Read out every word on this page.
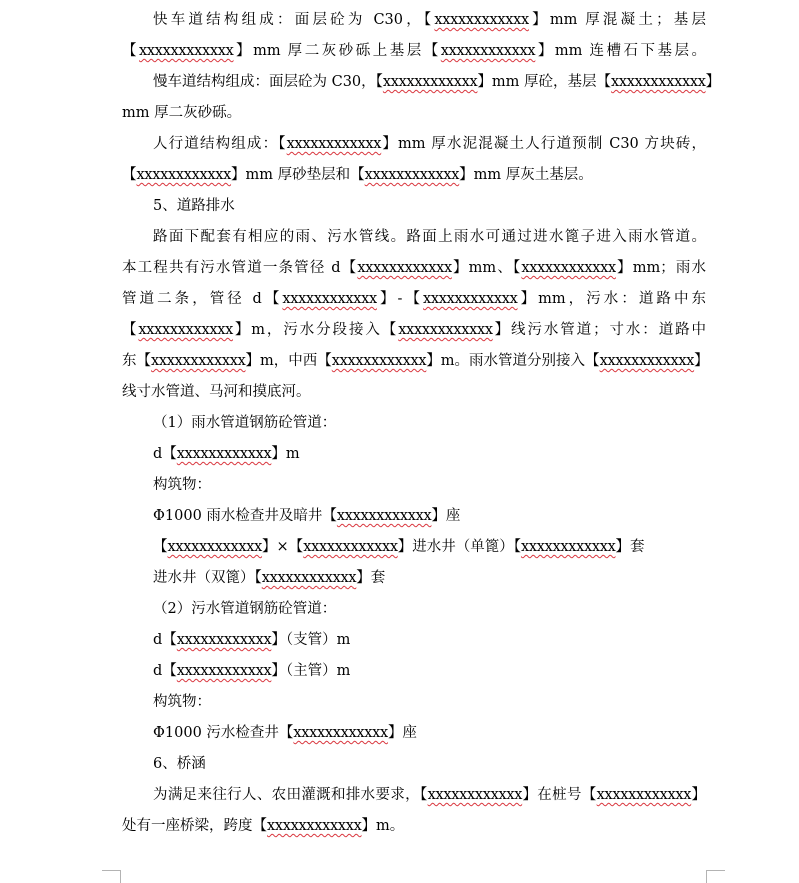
快车道结构组成：面层砼为 C30，【xxxxxxxxxxxx】mm 厚混凝土；基层
【xxxxxxxxxxxx】mm 厚二灰砂砾上基层【xxxxxxxxxxxx】mm 连槽石下基层。
慢车道结构组成：面层砼为 C30，【xxxxxxxxxxxx】mm 厚砼，基层【xxxxxxxxxxxx】
mm 厚二灰砂砾。
人行道结构组成：【xxxxxxxxxxxx】mm 厚水泥混凝土人行道预制 C30 方块砖，
【xxxxxxxxxxxx】mm 厚砂垫层和【xxxxxxxxxxxx】mm 厚灰土基层。
5、道路排水
路面下配套有相应的雨、污水管线。路面上雨水可通过进水篦子进入雨水管道。
本工程共有污水管道一条管径 d【xxxxxxxxxxxx】mm、【xxxxxxxxxxxx】mm；雨水
管道二条，管径 d【xxxxxxxxxxxx】-【xxxxxxxxxxxx】mm，污水：道路中东
【xxxxxxxxxxxx】m，污水分段接入【xxxxxxxxxxxx】线污水管道；寸水：道路中
东【xxxxxxxxxxxx】m，中西【xxxxxxxxxxxx】m。雨水管道分别接入【xxxxxxxxxxxx】
线寸水管道、马河和摸底河。
（1）雨水管道钢筋砼管道：
d【xxxxxxxxxxxx】m
构筑物：
Φ1000 雨水检查井及暗井【xxxxxxxxxxxx】座
【xxxxxxxxxxxx】×【xxxxxxxxxxxx】进水井（单篦）【xxxxxxxxxxxx】套
进水井（双篦）【xxxxxxxxxxxx】套
（2）污水管道钢筋砼管道：
d【xxxxxxxxxxxx】（支管）m
d【xxxxxxxxxxxx】（主管）m
构筑物：
Φ1000 污水检查井【xxxxxxxxxxxx】座
6、桥涵
为满足来往行人、农田灌溉和排水要求，【xxxxxxxxxxxx】在桩号【xxxxxxxxxxxx】
处有一座桥梁，跨度【xxxxxxxxxxxx】m。
